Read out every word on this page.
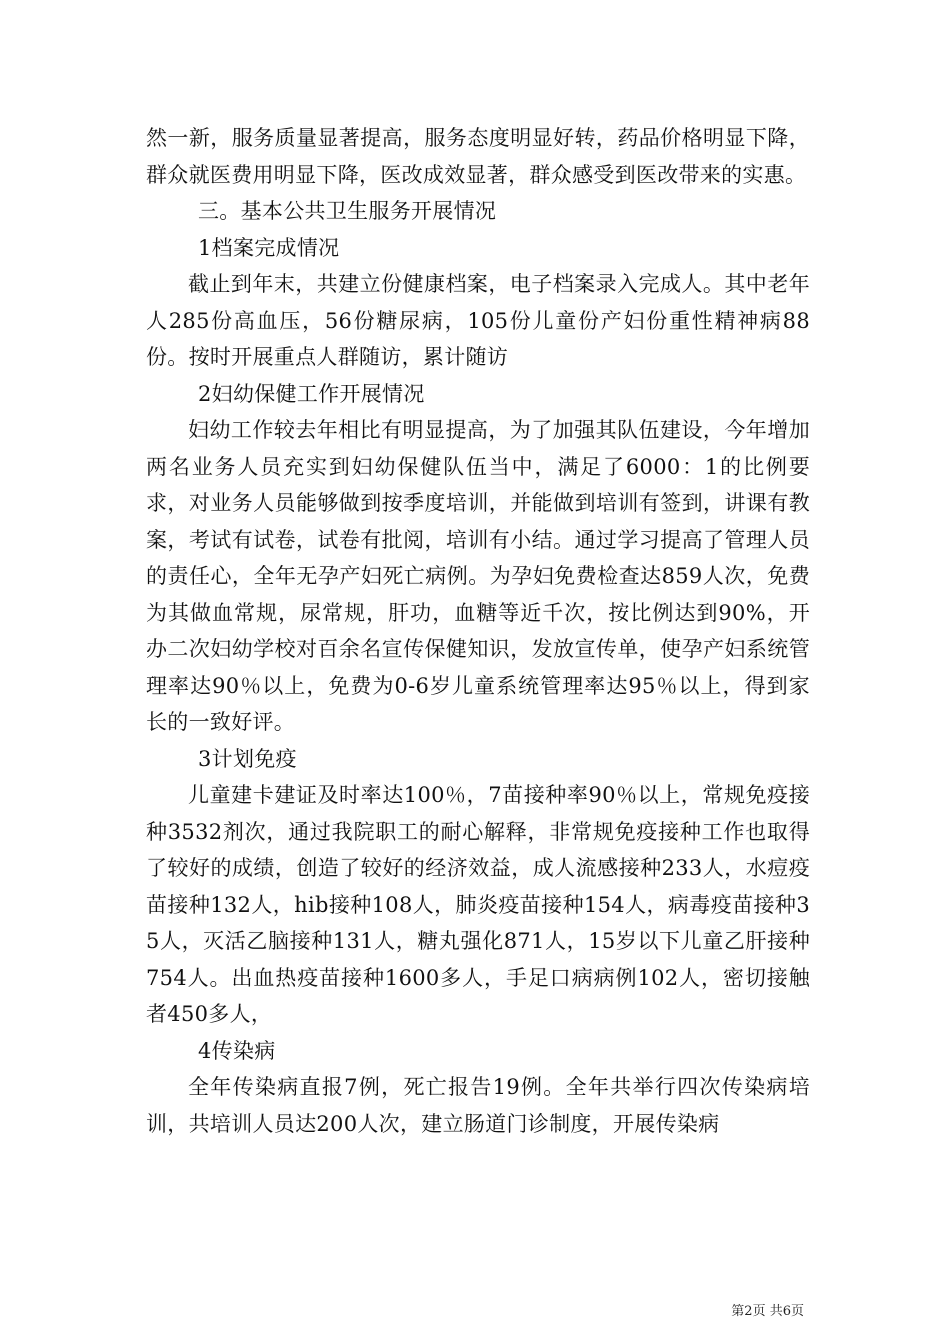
然一新，服务质量显著提高，服务态度明显好转，药品价格明显下降，群众就医费用明显下降，医改成效显著，群众感受到医改带来的实惠。

三。基本公共卫生服务开展情况

1档案完成情况

截止到年末，共建立份健康档案，电子档案录入完成人。其中老年人285份高血压，56份糖尿病，105份儿童份产妇份重性精神病88份。按时开展重点人群随访，累计随访

2妇幼保健工作开展情况

妇幼工作较去年相比有明显提高，为了加强其队伍建设，今年增加两名业务人员充实到妇幼保健队伍当中，满足了6000：1的比例要求，对业务人员能够做到按季度培训，并能做到培训有签到，讲课有教案，考试有试卷，试卷有批阅，培训有小结。通过学习提高了管理人员的责任心，全年无孕产妇死亡病例。为孕妇免费检查达859人次，免费为其做血常规，尿常规，肝功，血糖等近千次，按比例达到90%，开办二次妇幼学校对百余名宣传保健知识，发放宣传单，使孕产妇系统管理率达90％以上，免费为0-6岁儿童系统管理率达95％以上，得到家长的一致好评。

3计划免疫

儿童建卡建证及时率达100％，7苗接种率90％以上，常规免疫接种3532剂次，通过我院职工的耐心解释，非常规免疫接种工作也取得了较好的成绩，创造了较好的经济效益，成人流感接种233人，水痘疫苗接种132人，hib接种108人，肺炎疫苗接种154人，病毒疫苗接种35人，灭活乙脑接种131人，糖丸强化871人，15岁以下儿童乙肝接种754人。出血热疫苗接种1600多人，手足口病病例102人，密切接触者450多人，

4传染病

全年传染病直报7例，死亡报告19例。全年共举行四次传染病培训，共培训人员达200人次，建立肠道门诊制度，开展传染病

第2页 共6页
